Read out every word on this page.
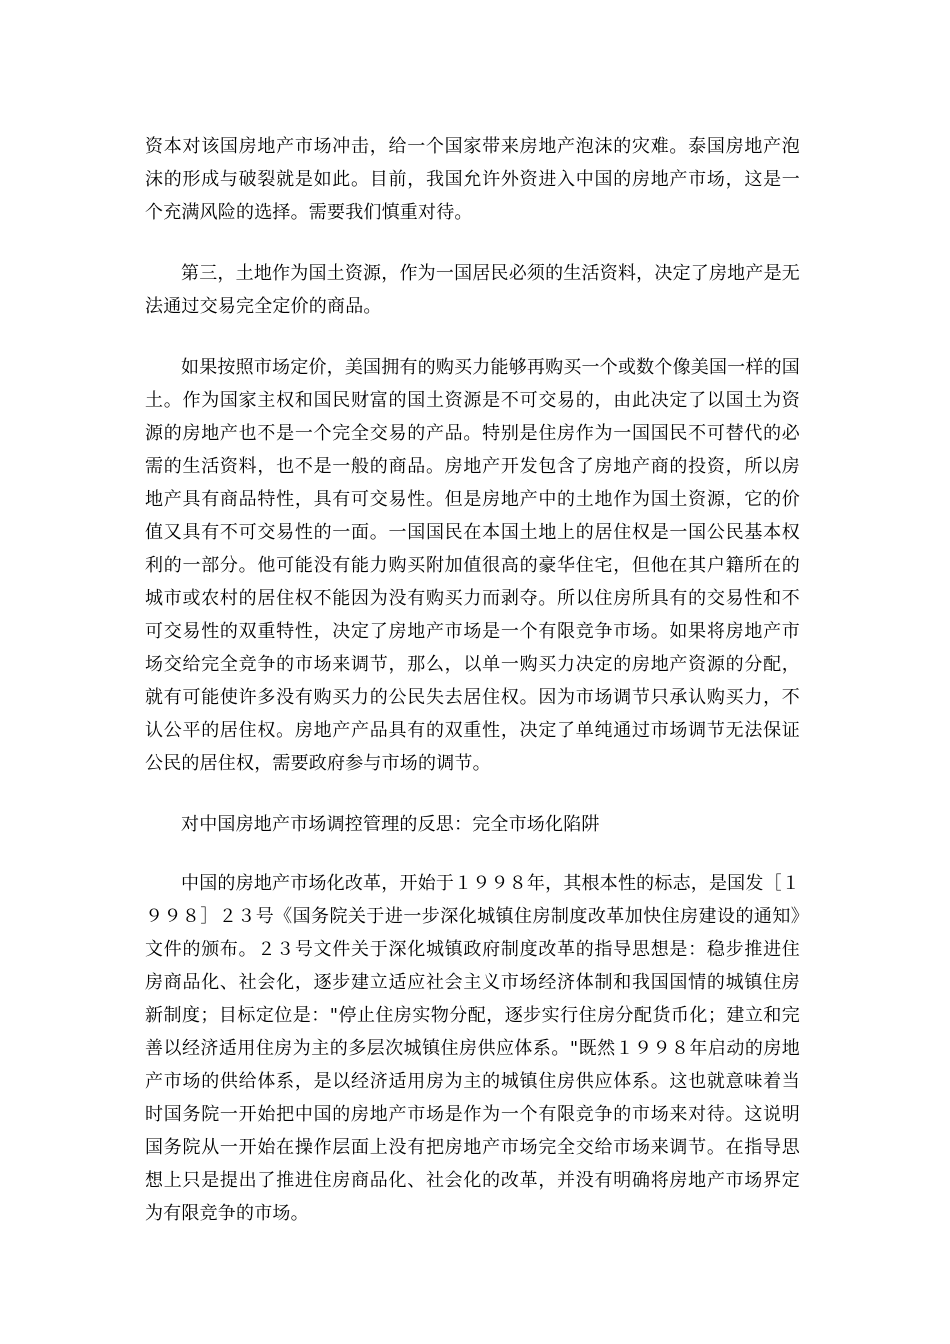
资本对该国房地产市场冲击，给一个国家带来房地产泡沫的灾难。泰国房地产泡沫的形成与破裂就是如此。目前，我国允许外资进入中国的房地产市场，这是一个充满风险的选择。需要我们慎重对待。

第三，土地作为国土资源，作为一国居民必须的生活资料，决定了房地产是无法通过交易完全定价的商品。

如果按照市场定价，美国拥有的购买力能够再购买一个或数个像美国一样的国土。作为国家主权和国民财富的国土资源是不可交易的，由此决定了以国土为资源的房地产也不是一个完全交易的产品。特别是住房作为一国国民不可替代的必需的生活资料，也不是一般的商品。房地产开发包含了房地产商的投资，所以房地产具有商品特性，具有可交易性。但是房地产中的土地作为国土资源，它的价值又具有不可交易性的一面。一国国民在本国土地上的居住权是一国公民基本权利的一部分。他可能没有能力购买附加值很高的豪华住宅，但他在其户籍所在的城市或农村的居住权不能因为没有购买力而剥夺。所以住房所具有的交易性和不可交易性的双重特性，决定了房地产市场是一个有限竞争市场。如果将房地产市场交给完全竞争的市场来调节，那么，以单一购买力决定的房地产资源的分配，就有可能使许多没有购买力的公民失去居住权。因为市场调节只承认购买力，不认公平的居住权。房地产产品具有的双重性，决定了单纯通过市场调节无法保证公民的居住权，需要政府参与市场的调节。

对中国房地产市场调控管理的反思：完全市场化陷阱

中国的房地产市场化改革，开始于１９９８年，其根本性的标志，是国发［１９９８］２３号《国务院关于进一步深化城镇住房制度改革加快住房建设的通知》文件的颁布。２３号文件关于深化城镇政府制度改革的指导思想是：稳步推进住房商品化、社会化，逐步建立适应社会主义市场经济体制和我国国情的城镇住房新制度；目标定位是："停止住房实物分配，逐步实行住房分配货币化；建立和完善以经济适用住房为主的多层次城镇住房供应体系。"既然１９９８年启动的房地产市场的供给体系，是以经济适用房为主的城镇住房供应体系。这也就意味着当时国务院一开始把中国的房地产市场是作为一个有限竞争的市场来对待。这说明国务院从一开始在操作层面上没有把房地产市场完全交给市场来调节。在指导思想上只是提出了推进住房商品化、社会化的改革，并没有明确将房地产市场界定为有限竞争的市场。
